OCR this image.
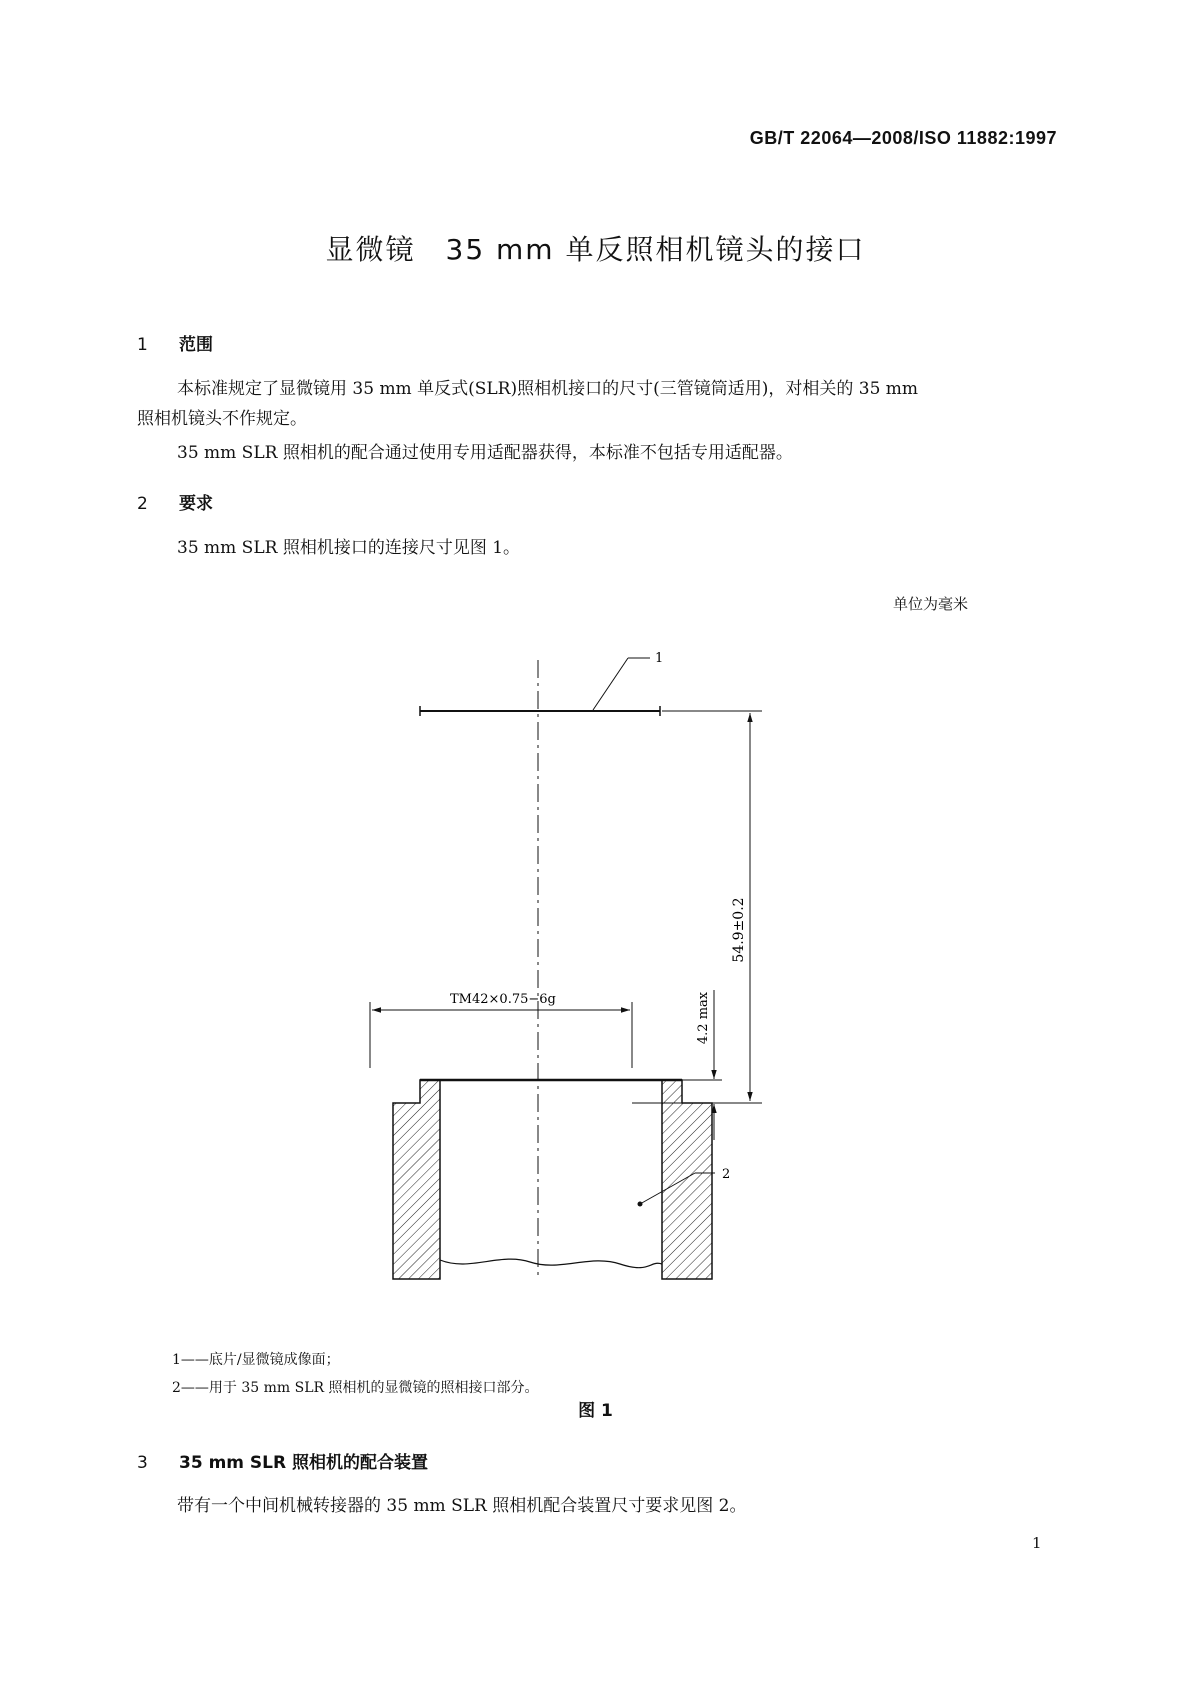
GB/T 22064—2008/ISO 11882:1997
显微镜　35 mm 单反照相机镜头的接口
1 范围
本标准规定了显微镜用 35 mm 单反式(SLR)照相机接口的尺寸(三管镜筒适用)，对相关的 35 mm
照相机镜头不作规定。
35 mm SLR 照相机的配合通过使用专用适配器获得，本标准不包括专用适配器。
2 要求
35 mm SLR 照相机接口的连接尺寸见图 1。
单位为毫米
1
TM42×0.75−6g
54.9±0.2
4.2 max
2
1——底片/显微镜成像面；
2——用于 35 mm SLR 照相机的显微镜的照相接口部分。
图 1
3 35 mm SLR 照相机的配合装置
带有一个中间机械转接器的 35 mm SLR 照相机配合装置尺寸要求见图 2。
1
